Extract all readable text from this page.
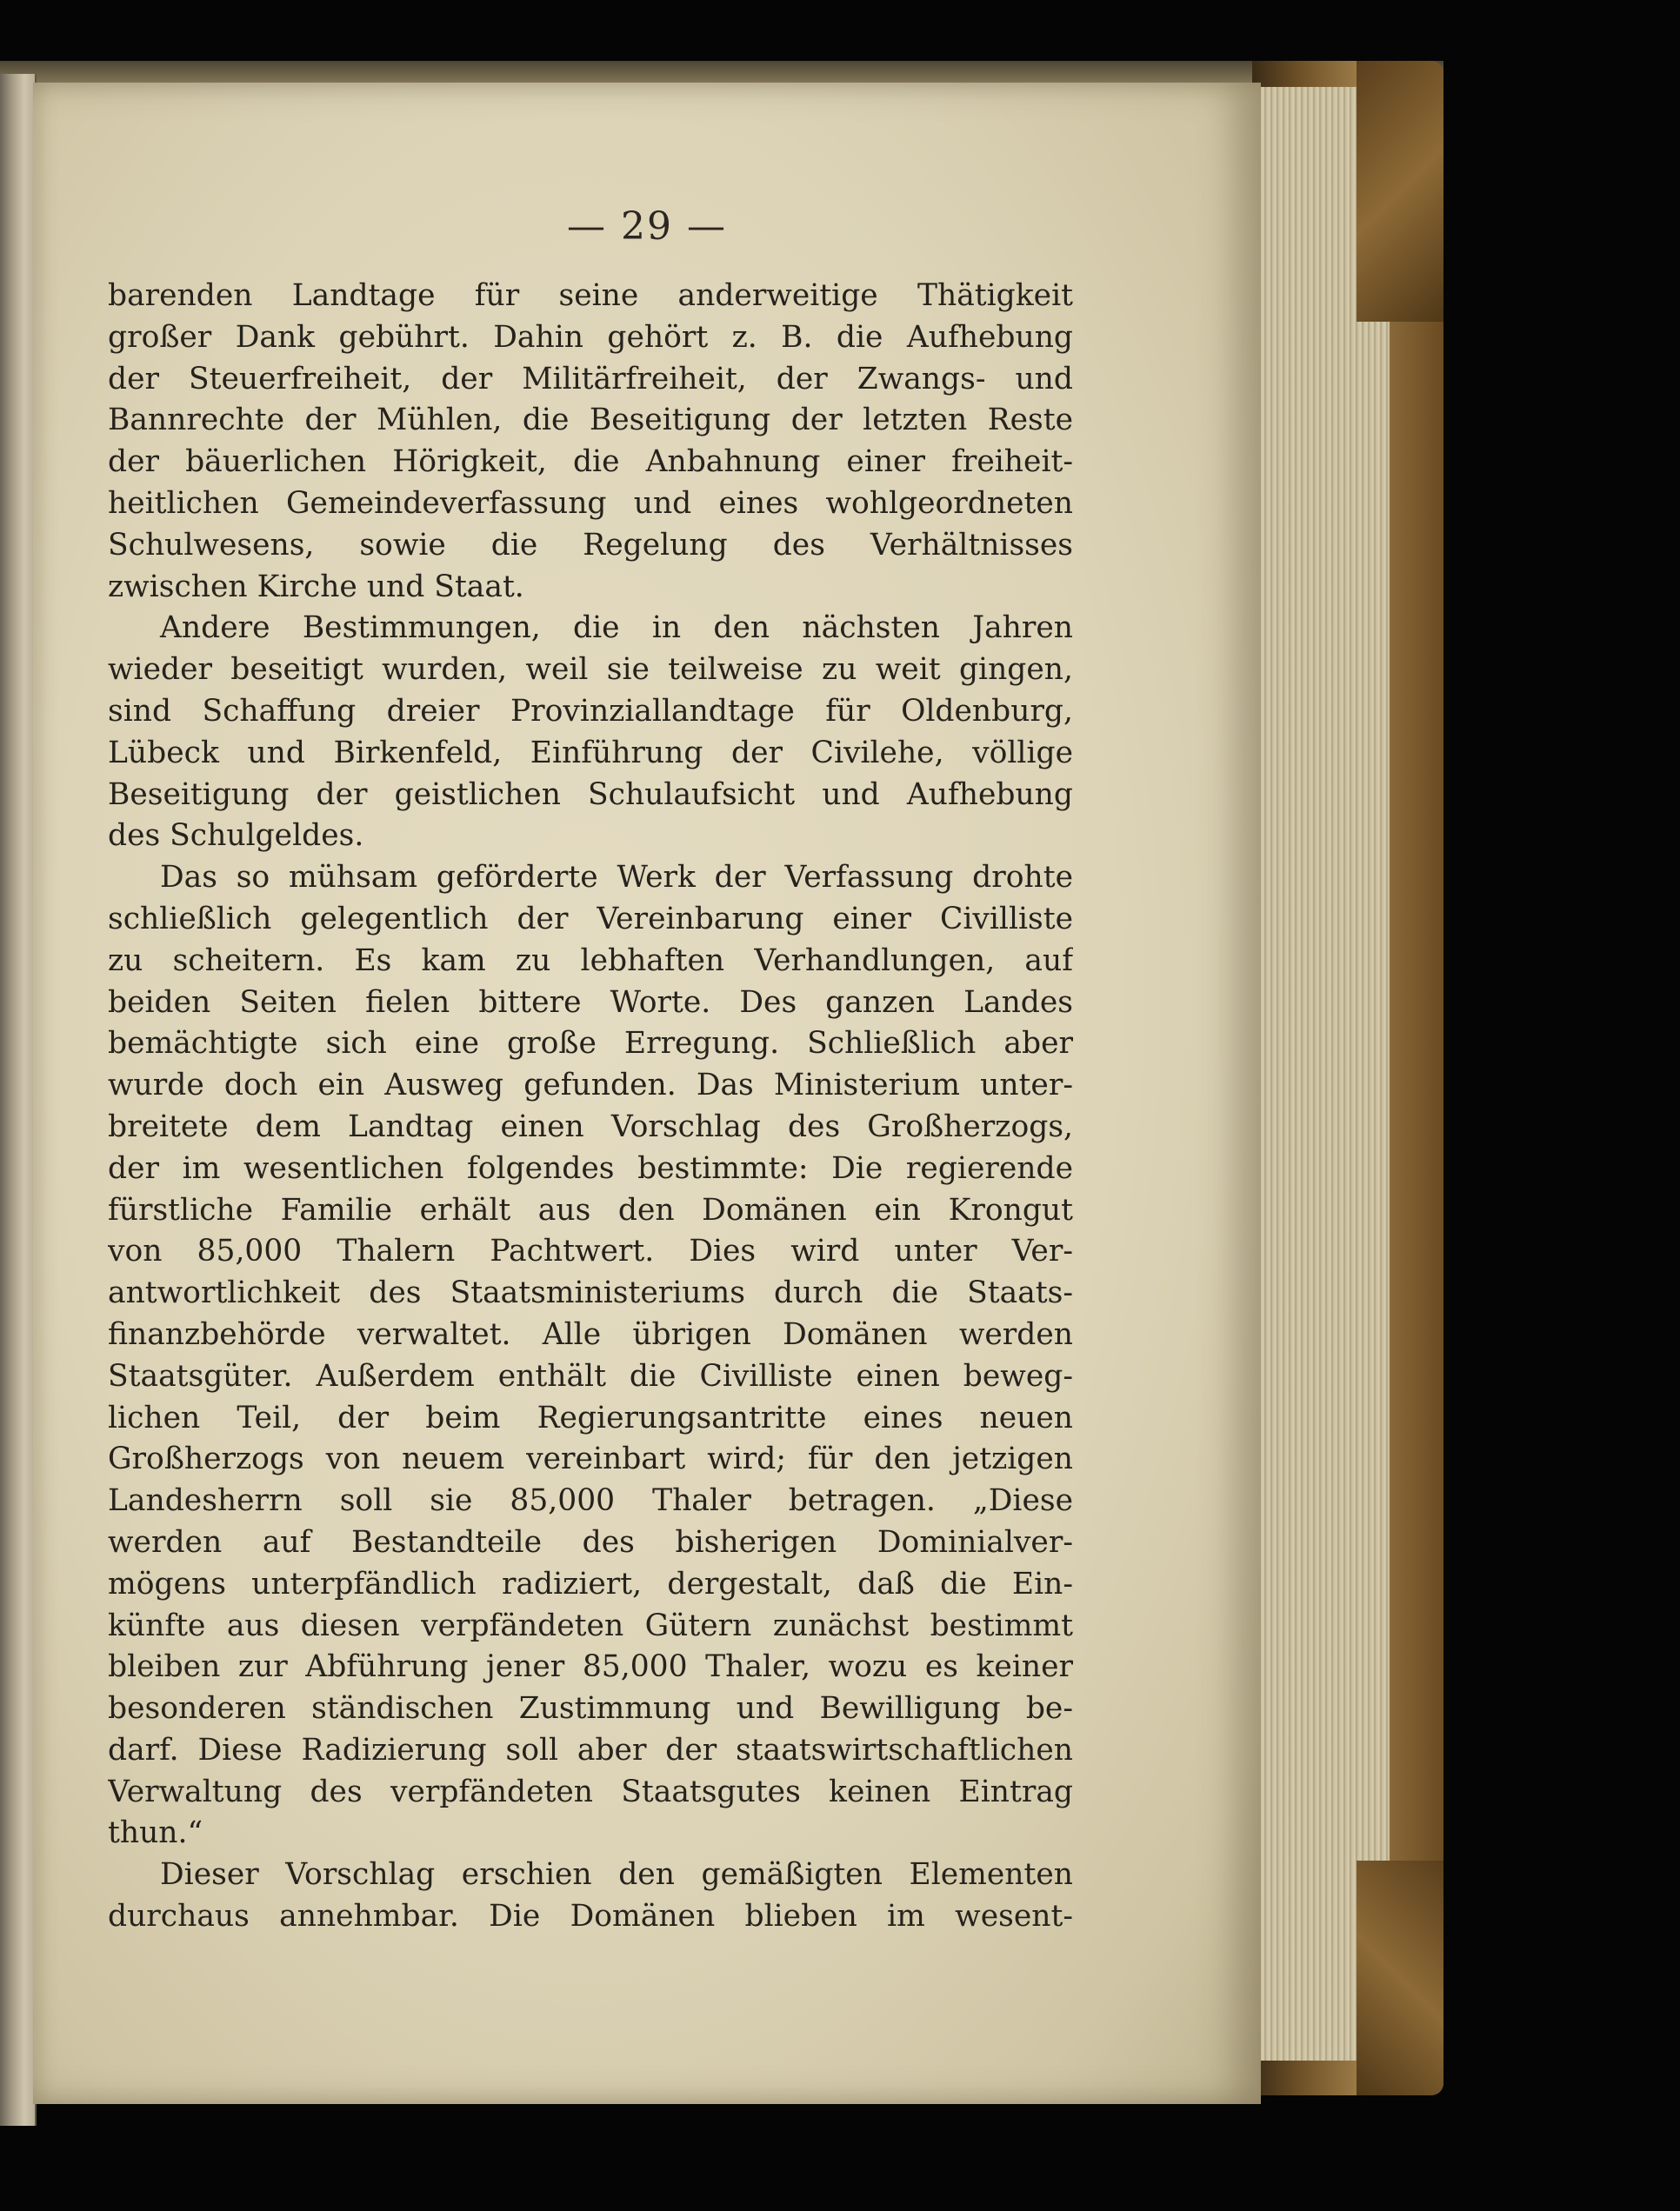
— 29 —
barenden Landtage für seine anderweitige Thätigkeit
großer Dank gebührt. Dahin gehört z. B. die Aufhebung
der Steuerfreiheit, der Militärfreiheit, der Zwangs- und
Bannrechte der Mühlen, die Beseitigung der letzten Reste
der bäuerlichen Hörigkeit, die Anbahnung einer freiheit-
heitlichen Gemeindeverfassung und eines wohlgeordneten
Schulwesens, sowie die Regelung des Verhältnisses
zwischen Kirche und Staat.
Andere Bestimmungen, die in den nächsten Jahren
wieder beseitigt wurden, weil sie teilweise zu weit gingen,
sind Schaffung dreier Provinziallandtage für Oldenburg,
Lübeck und Birkenfeld, Einführung der Civilehe, völlige
Beseitigung der geistlichen Schulaufsicht und Aufhebung
des Schulgeldes.
Das so mühsam geförderte Werk der Verfassung drohte
schließlich gelegentlich der Vereinbarung einer Civilliste
zu scheitern. Es kam zu lebhaften Verhandlungen, auf
beiden Seiten fielen bittere Worte. Des ganzen Landes
bemächtigte sich eine große Erregung. Schließlich aber
wurde doch ein Ausweg gefunden. Das Ministerium unter-
breitete dem Landtag einen Vorschlag des Großherzogs,
der im wesentlichen folgendes bestimmte: Die regierende
fürstliche Familie erhält aus den Domänen ein Krongut
von 85,000 Thalern Pachtwert. Dies wird unter Ver-
antwortlichkeit des Staatsministeriums durch die Staats-
finanzbehörde verwaltet. Alle übrigen Domänen werden
Staatsgüter. Außerdem enthält die Civilliste einen beweg-
lichen Teil, der beim Regierungsantritte eines neuen
Großherzogs von neuem vereinbart wird; für den jetzigen
Landesherrn soll sie 85,000 Thaler betragen. „Diese
werden auf Bestandteile des bisherigen Dominialver-
mögens unterpfändlich radiziert, dergestalt, daß die Ein-
künfte aus diesen verpfändeten Gütern zunächst bestimmt
bleiben zur Abführung jener 85,000 Thaler, wozu es keiner
besonderen ständischen Zustimmung und Bewilligung be-
darf. Diese Radizierung soll aber der staatswirtschaftlichen
Verwaltung des verpfändeten Staatsgutes keinen Eintrag
thun.“
Dieser Vorschlag erschien den gemäßigten Elementen
durchaus annehmbar. Die Domänen blieben im wesent-
